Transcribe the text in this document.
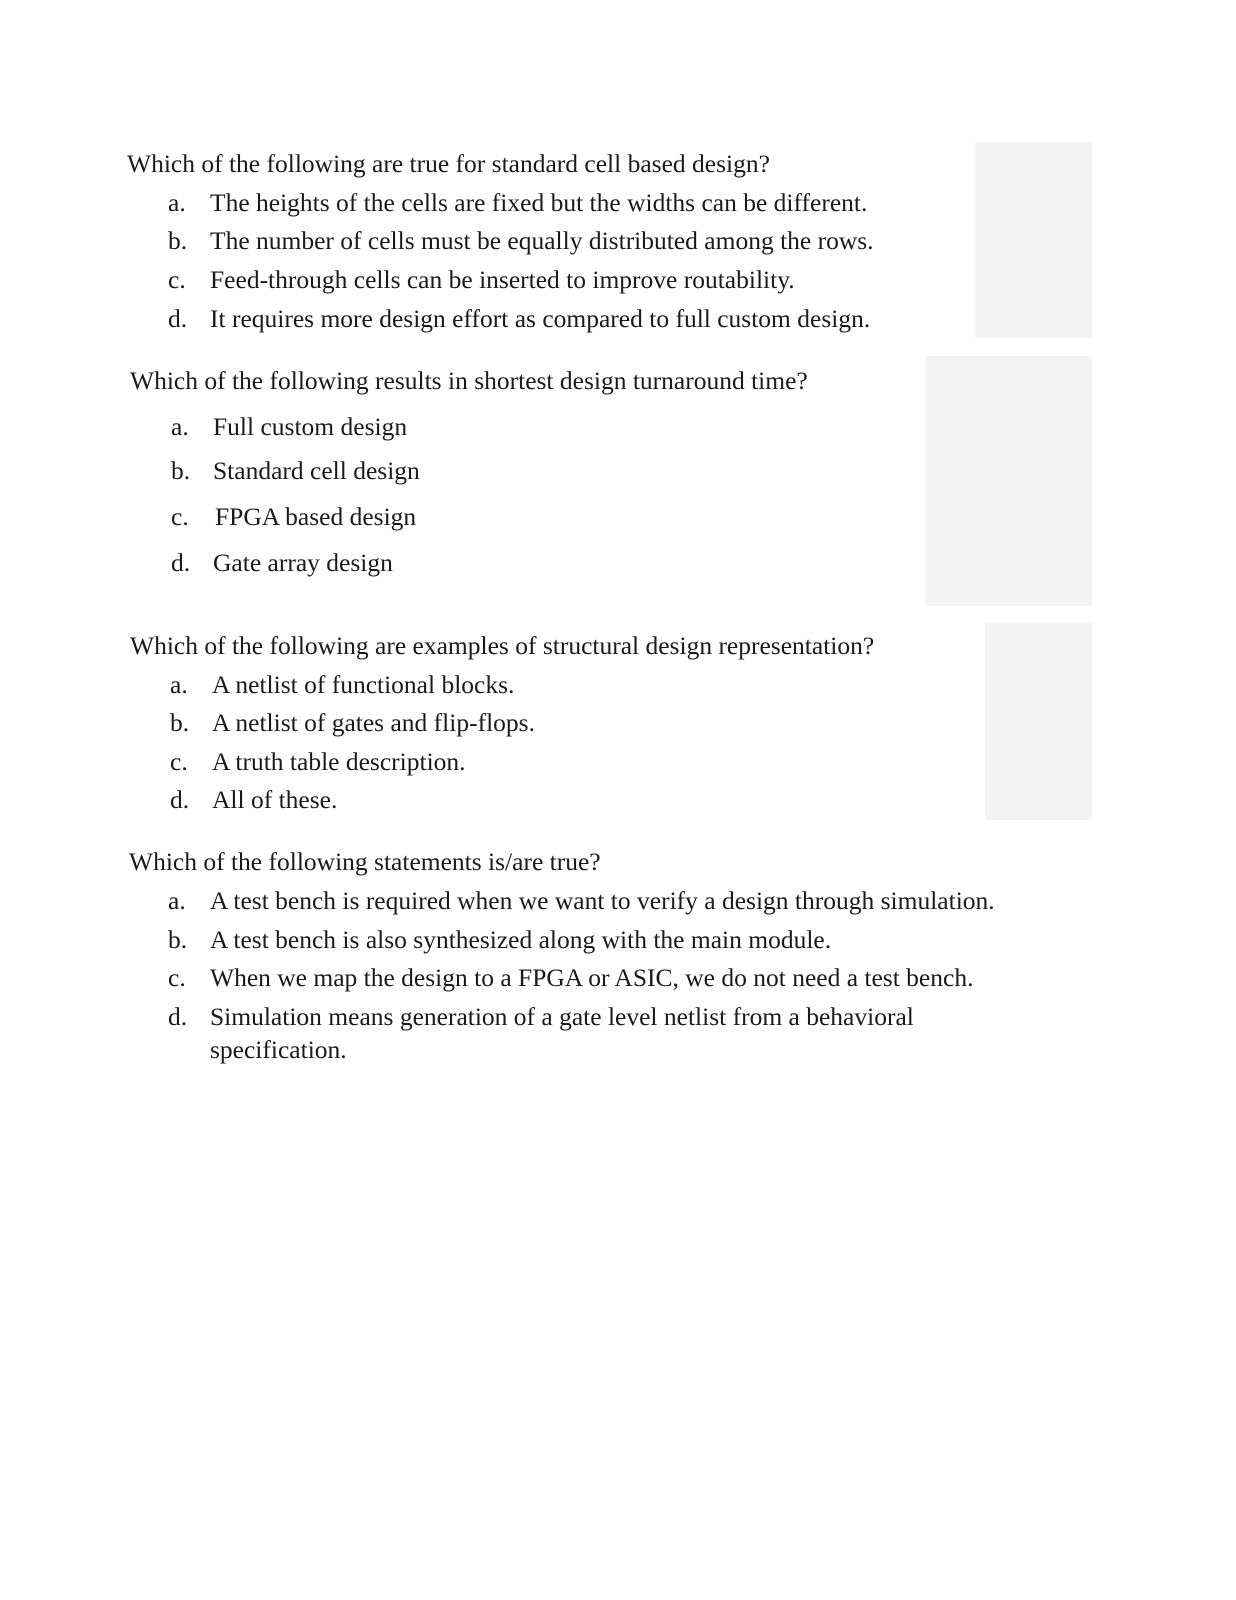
Which of the following are true for standard cell based design?
a. The heights of the cells are fixed but the widths can be different.
b. The number of cells must be equally distributed among the rows.
c. Feed-through cells can be inserted to improve routability.
d. It requires more design effort as compared to full custom design.
Which of the following results in shortest design turnaround time?
a. Full custom design
b. Standard cell design
c. FPGA based design
d. Gate array design
Which of the following are examples of structural design representation?
a. A netlist of functional blocks.
b. A netlist of gates and flip-flops.
c. A truth table description.
d. All of these.
Which of the following statements is/are true?
a. A test bench is required when we want to verify a design through simulation.
b. A test bench is also synthesized along with the main module.
c. When we map the design to a FPGA or ASIC, we do not need a test bench.
d. Simulation means generation of a gate level netlist from a behavioral
specification.
